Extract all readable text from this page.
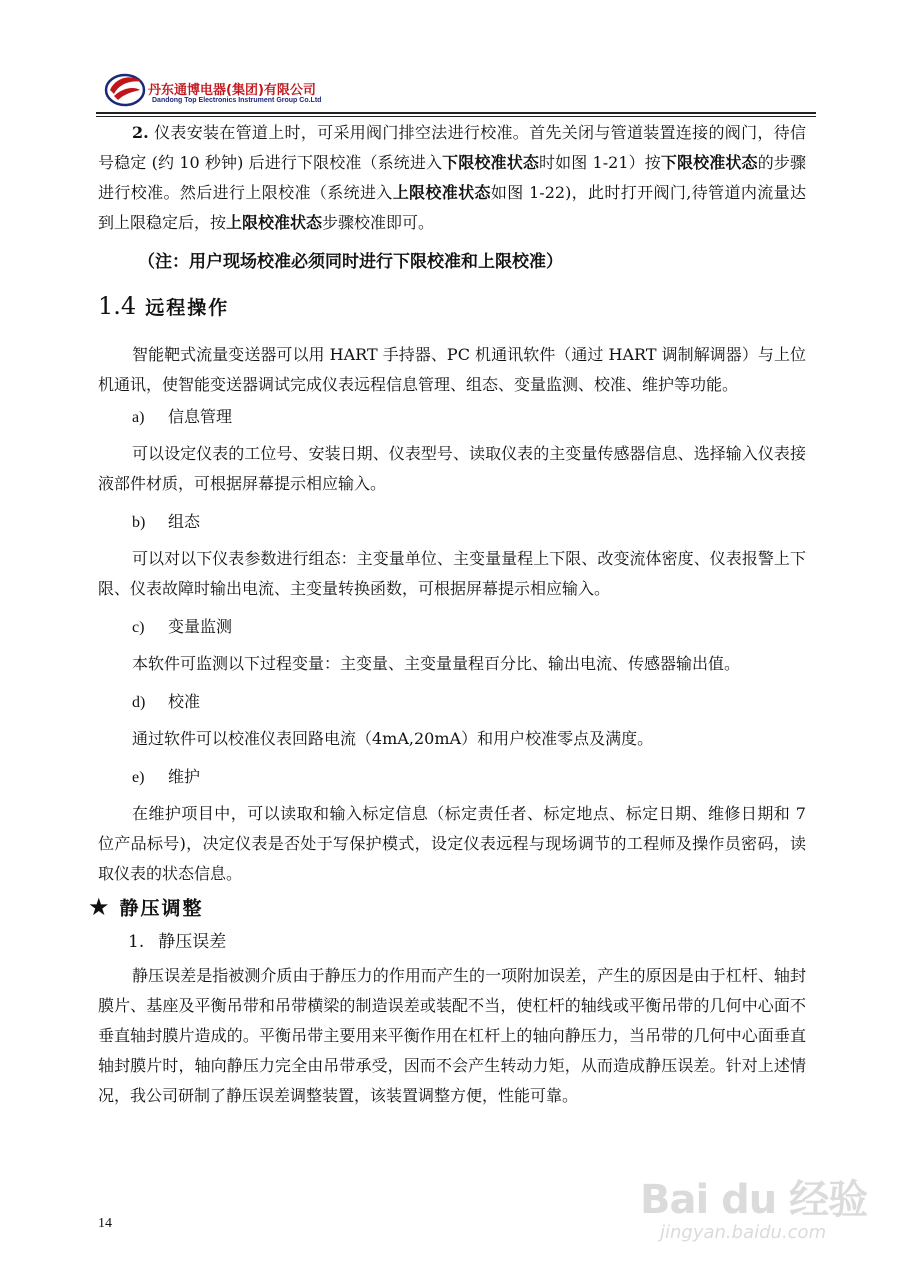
丹东通博电器(集团)有限公司
Dandong Top Electronics Instrument Group Co.Ltd

2. 仪表安装在管道上时，可采用阀门排空法进行校准。首先关闭与管道装置连接的阀门，待信号稳定 (约 10 秒钟) 后进行下限校准（系统进入下限校准状态时如图 1-21）按下限校准状态的步骤进行校准。然后进行上限校准（系统进入上限校准状态如图 1-22)，此时打开阀门,待管道内流量达到上限稳定后，按上限校准状态步骤校准即可。

（注：用户现场校准必须同时进行下限校准和上限校准）
1.4 远程操作

智能靶式流量变送器可以用 HART 手持器、PC 机通讯软件（通过 HART 调制解调器）与上位机通讯，使智能变送器调试完成仪表远程信息管理、组态、变量监测、校准、维护等功能。

a) 信息管理

可以设定仪表的工位号、安装日期、仪表型号、读取仪表的主变量传感器信息、选择输入仪表接液部件材质，可根据屏幕提示相应输入。

b) 组态

可以对以下仪表参数进行组态：主变量单位、主变量量程上下限、改变流体密度、仪表报警上下限、仪表故障时输出电流、主变量转换函数，可根据屏幕提示相应输入。

c) 变量监测

本软件可监测以下过程变量：主变量、主变量量程百分比、输出电流、传感器输出值。

d) 校准

通过软件可以校准仪表回路电流（4mA,20mA）和用户校准零点及满度。

e) 维护

在维护项目中，可以读取和输入标定信息（标定责任者、标定地点、标定日期、维修日期和 7 位产品标号)，决定仪表是否处于写保护模式，设定仪表远程与现场调节的工程师及操作员密码，读取仪表的状态信息。

★ 静压调整
1. 静压误差

静压误差是指被测介质由于静压力的作用而产生的一项附加误差，产生的原因是由于杠杆、轴封膜片、基座及平衡吊带和吊带横梁的制造误差或装配不当，使杠杆的轴线或平衡吊带的几何中心面不垂直轴封膜片造成的。平衡吊带主要用来平衡作用在杠杆上的轴向静压力，当吊带的几何中心面垂直轴封膜片时，轴向静压力完全由吊带承受，因而不会产生转动力矩，从而造成静压误差。针对上述情况，我公司研制了静压误差调整装置，该装置调整方便，性能可靠。

14
Bai du 经验
jingyan.baidu.com
